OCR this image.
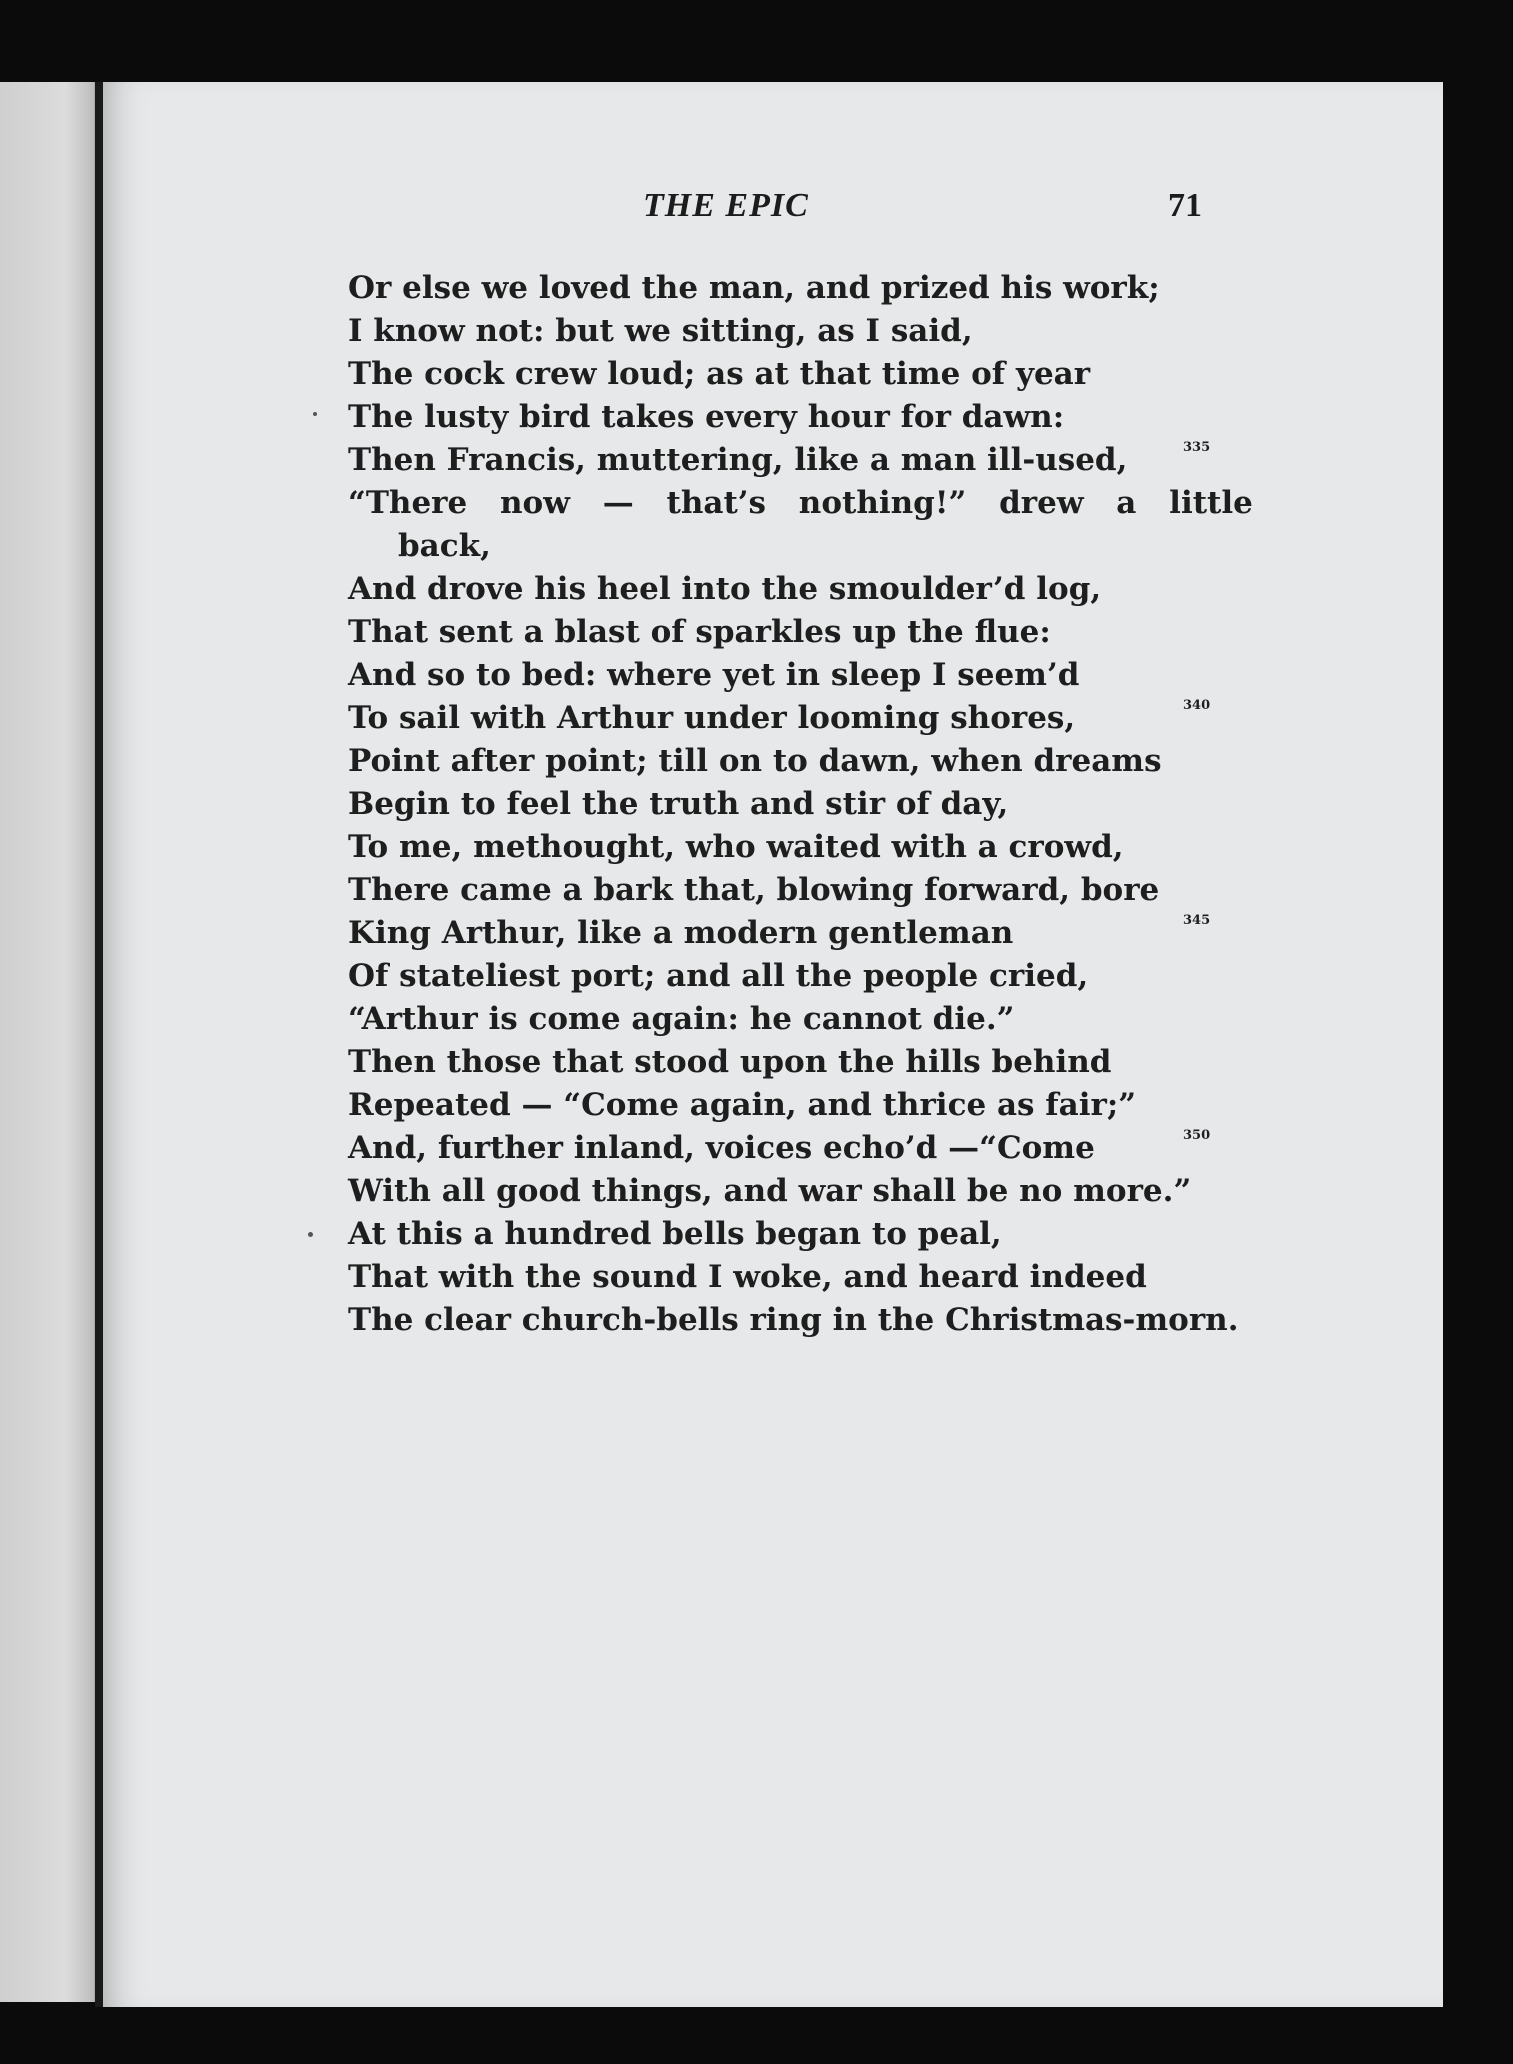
THE EPIC	71
Or else we loved the man, and prized his work;
I know not: but we sitting, as I said,
The cock crew loud; as at that time of year
The lusty bird takes every hour for dawn:
Then Francis, muttering, like a man ill-used,	335
“There now — that’s nothing!” drew a little
back,
And drove his heel into the smoulder’d log,
That sent a blast of sparkles up the flue:
And so to bed: where yet in sleep I seem’d
To sail with Arthur under looming shores,	340
Point after point; till on to dawn, when dreams
Begin to feel the truth and stir of day,
To me, methought, who waited with a crowd,
There came a bark that, blowing forward, bore
King Arthur, like a modern gentleman	345
Of stateliest port; and all the people cried,
“Arthur is come again: he cannot die.”
Then those that stood upon the hills behind
Repeated — “Come again, and thrice as fair;”
And, further inland, voices echo’d —“Come	350
With all good things, and war shall be no more.”
At this a hundred bells began to peal,
That with the sound I woke, and heard indeed
The clear church-bells ring in the Christmas-morn.
